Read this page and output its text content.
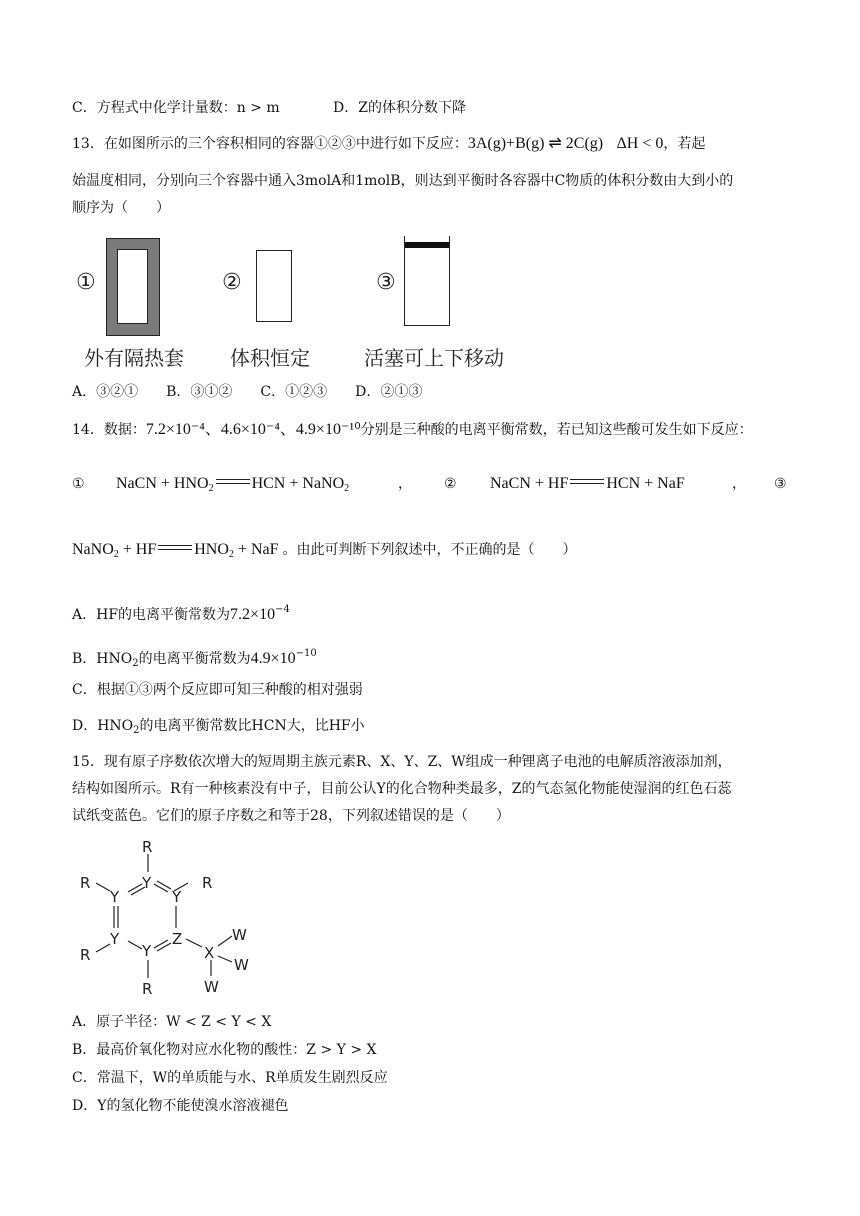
C．方程式中化学计量数：n > m	D．Z的体积分数下降
13．在如图所示的三个容积相同的容器①②③中进行如下反应：3A(g)+B(g) ⇌ 2C(g) ΔH < 0，若起
始温度相同，分别向三个容器中通入3molA和1molB，则达到平衡时各容器中C物质的体积分数由大到小的
顺序为（　　）
①	②	③
外有隔热套 体积恒定	活塞可上下移动
A．③②①　　B．③①②　　C．①②③　　D．②①③
14．数据：7.2×10⁻⁴、4.6×10⁻⁴、4.9×10⁻¹⁰分别是三种酸的电离平衡常数，若已知这些酸可发生如下反应：
① NaCN + $HNO_2$ HCN + NaNO$_2$	， ② NaCN + HF HCN + NaF	， ③
NaNO$_2$ + HF $HNO_2$ + NaF 。由此可判断下列叙述中，不正确的是（　　）
A．HF的电离平衡常数为$7.2\times 10^{-4}$
B．$HNO_2$的电离平衡常数为$4.9\times 10^{-10}$
C．根据①③两个反应即可知三种酸的相对强弱
D．$HNO_2$的电离平衡常数比HCN大，比HF小
15．现有原子序数依次增大的短周期主族元素R、X、Y、Z、W组成一种锂离子电池的电解质溶液添加剂，
结构如图所示。R有一种核素没有中子，目前公认Y的化合物种类最多，Z的气态氢化物能使湿润的红色石蕊
试纸变蓝色。它们的原子序数之和等于28，下列叙述错误的是（　　）
R
R
Y
Y
Y
R
Y
R	Y
Z
R
X
W
W
W
A．原子半径：W < Z < Y < X
B．最高价氧化物对应水化物的酸性：Z > Y > X
C．常温下，W的单质能与水、R单质发生剧烈反应
D．Y的氢化物不能使溴水溶液褪色
